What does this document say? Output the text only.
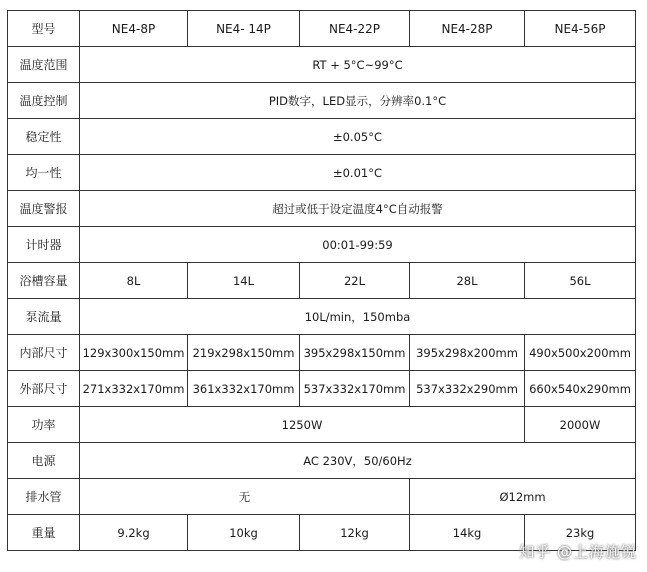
型号	NE4-8P	NE4- 14P	NE4-22P	NE4-28P	NE4-56P
温度范围	RT + 5°C~99°C				
温度控制	PID数字，LED显示，分辨率0.1°C				
稳定性	±0.05°C				
均一性	±0.01°C				
温度警报	超过或低于设定温度4°C自动报警				
计时器	00:01-99:59				
浴槽容量	8L	14L	22L	28L	56L
泵流量	10L/min，150mba				
内部尺寸	129x300x150mm	219x298x150mm	395x298x150mm	395x298x200mm	490x500x200mm
外部尺寸	271x332x170mm	361x332x170mm	537x332x170mm	537x332x290mm	660x540x290mm
功率	1250W				2000W
电源	AC 230V，50/60Hz				
排水管	无			Ø12mm	
重量	9.2kg	10kg	12kg	14kg	23kg
知乎 @上海施锐
